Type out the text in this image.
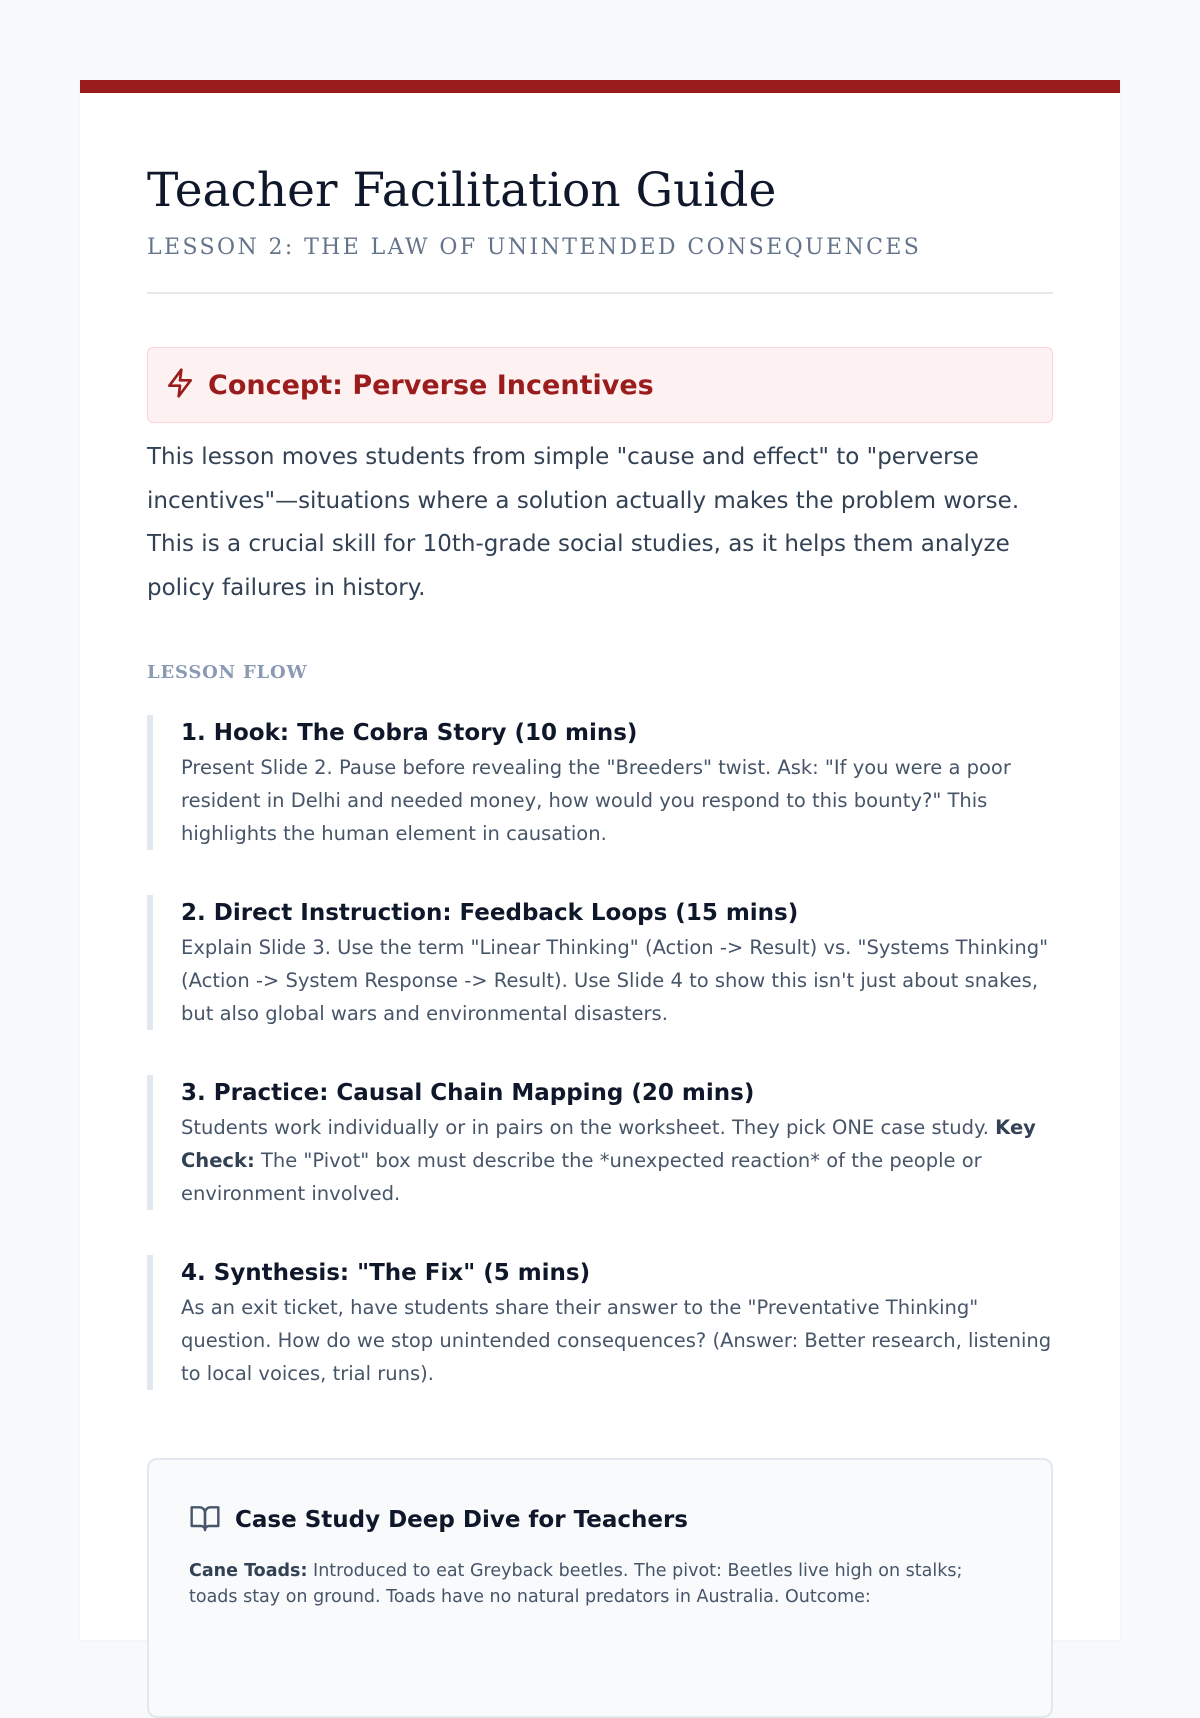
Teacher Facilitation Guide
LESSON 2: THE LAW OF UNINTENDED CONSEQUENCES
Concept: Perverse Incentives

This lesson moves students from simple "cause and effect" to "perverse incentives"—situations where a solution actually makes the problem worse. This is a crucial skill for 10th-grade social studies, as it helps them analyze policy failures in history.

LESSON FLOW
1. Hook: The Cobra Story (10 mins)
Present Slide 2. Pause before revealing the "Breeders" twist. Ask: "If you were a poor resident in Delhi and needed money, how would you respond to this bounty?" This highlights the human element in causation.
2. Direct Instruction: Feedback Loops (15 mins)
Explain Slide 3. Use the term "Linear Thinking" (Action -> Result) vs. "Systems Thinking" (Action -> System Response -> Result). Use Slide 4 to show this isn't just about snakes, but also global wars and environmental disasters.
3. Practice: Causal Chain Mapping (20 mins)
Students work individually or in pairs on the worksheet. They pick ONE case study. Key Check: The "Pivot" box must describe the *unexpected reaction* of the people or environment involved.
4. Synthesis: "The Fix" (5 mins)
As an exit ticket, have students share their answer to the "Preventative Thinking" question. How do we stop unintended consequences? (Answer: Better research, listening to local voices, trial runs).
Case Study Deep Dive for Teachers
Cane Toads: Introduced to eat Greyback beetles. The pivot: Beetles live high on stalks; toads stay on ground. Toads have no natural predators in Australia. Outcome:
